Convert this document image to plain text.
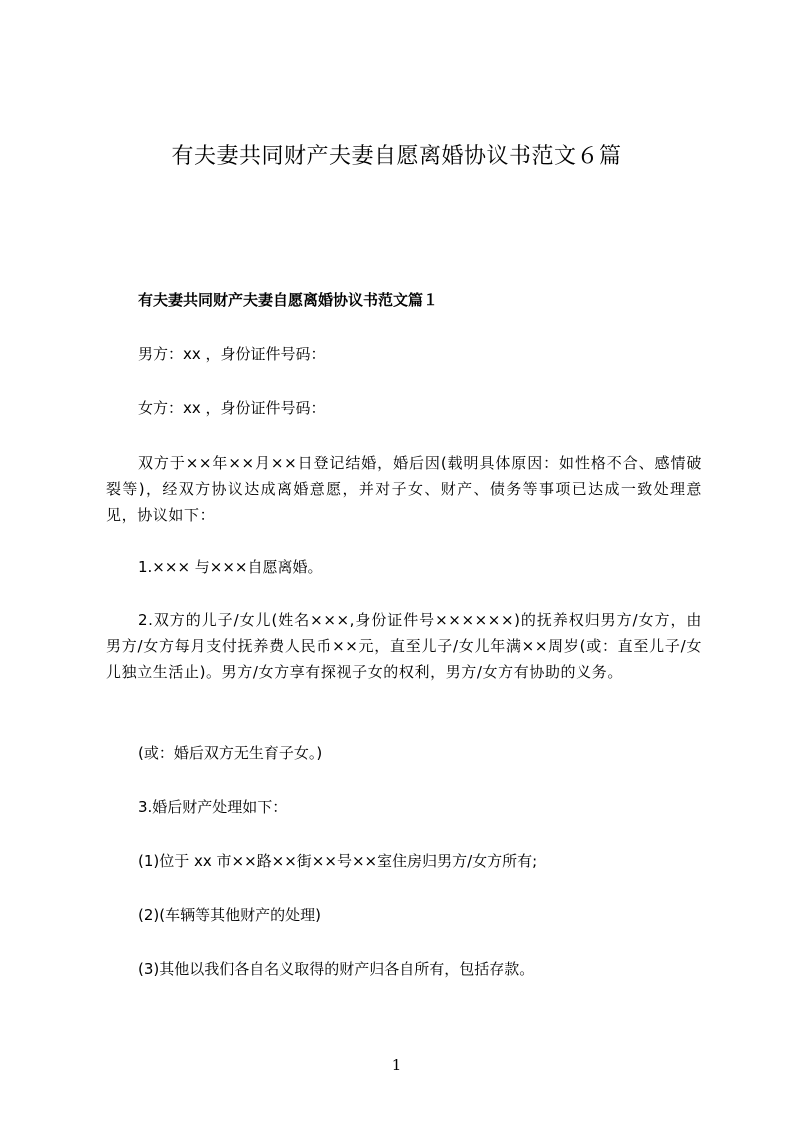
有夫妻共同财产夫妻自愿离婚协议书范文６篇

有夫妻共同财产夫妻自愿离婚协议书范文篇１

男方：xx ，身份证件号码：

女方：xx ，身份证件号码：

双方于××年××月××日登记结婚，婚后因(载明具体原因：如性格不合、感情破裂等)，经双方协议达成离婚意愿，并对子女、财产、债务等事项已达成一致处理意见，协议如下：

1.××× 与×××自愿离婚。

2.双方的儿子/女儿(姓名×××,身份证件号××××××)的抚养权归男方/女方，由男方/女方每月支付抚养费人民币××元，直至儿子/女儿年满××周岁(或：直至儿子/女儿独立生活止)。男方/女方享有探视子女的权利，男方/女方有协助的义务。

(或：婚后双方无生育子女。)

3.婚后财产处理如下：

(1)位于 xx 市××路××街××号××室住房归男方/女方所有;

(2)(车辆等其他财产的处理)

(3)其他以我们各自名义取得的财产归各自所有，包括存款。

1
